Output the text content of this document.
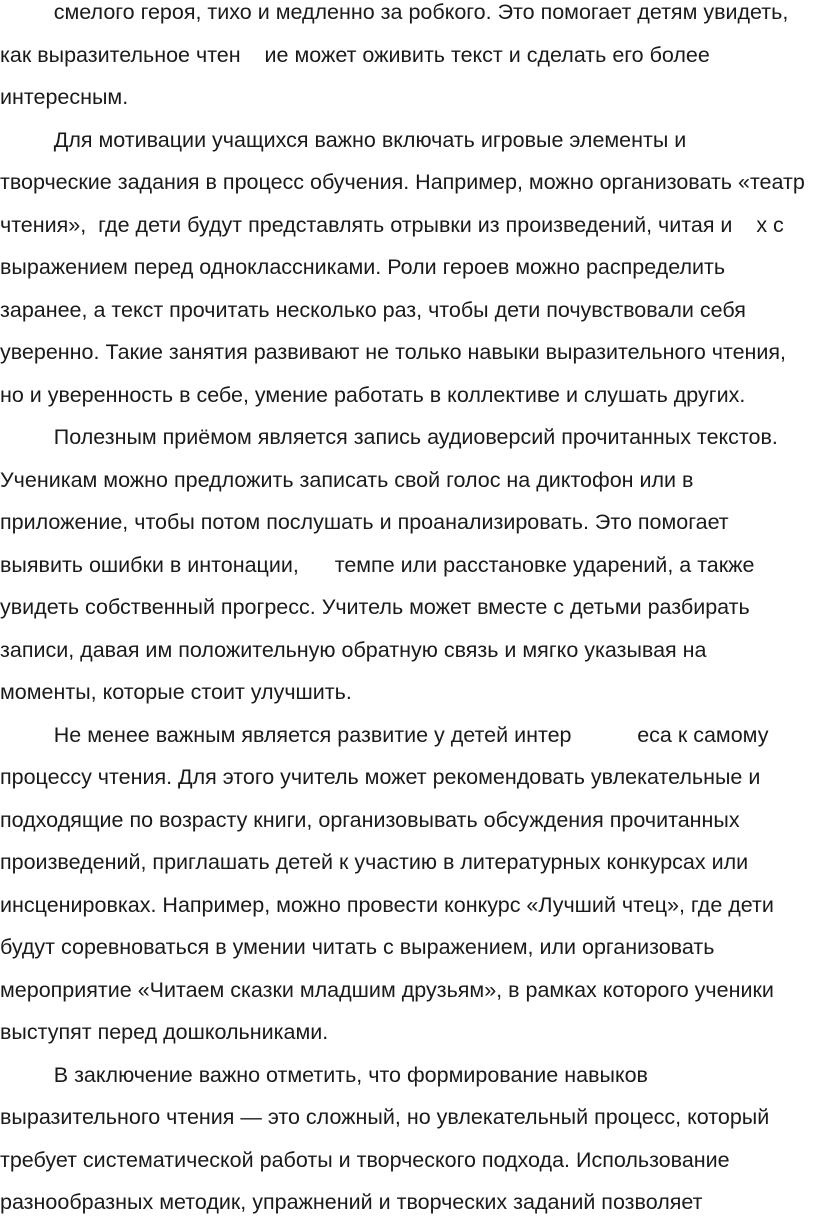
смелого героя, тихо и медленно за робкого. Это помогает детям увидеть,
как выразительное чтен    ие может оживить текст и сделать его более
интересным.
Для мотивации учащихся важно включать игровые элементы и
творческие задания в процесс обучения. Например, можно организовать «театр
чтения»,  где дети будут представлять отрывки из произведений, читая и    х с
выражением перед одноклассниками. Роли героев можно распределить
заранее, а текст прочитать несколько раз, чтобы дети почувствовали себя
уверенно. Такие занятия развивают не только навыки выразительного чтения,
но и уверенность в себе, умение работать в коллективе и слушать других.
Полезным приёмом является запись аудиоверсий прочитанных текстов.
Ученикам можно предложить записать свой голос на диктофон или в
приложение, чтобы потом послушать и проанализировать. Это помогает
выявить ошибки в интонации,      темпе или расстановке ударений, а также
увидеть собственный прогресс. Учитель может вместе с детьми разбирать
записи, давая им положительную обратную связь и мягко указывая на
моменты, которые стоит улучшить.
Не менее важным является развитие у детей интер           еса к самому
процессу чтения. Для этого учитель может рекомендовать увлекательные и
подходящие по возрасту книги, организовывать обсуждения прочитанных
произведений, приглашать детей к участию в литературных конкурсах или
инсценировках. Например, можно провести конкурс «Лучший чтец», где дети
будут соревноваться в умении читать с выражением, или организовать
мероприятие «Читаем сказки младшим друзьям», в рамках которого ученики
выступят перед дошкольниками.
В заключение важно отметить, что формирование навыков
выразительного чтения — это сложный, но увлекательный процесс, который
требует систематической работы и творческого подхода. Использование
разнообразных методик, упражнений и творческих заданий позволяет
